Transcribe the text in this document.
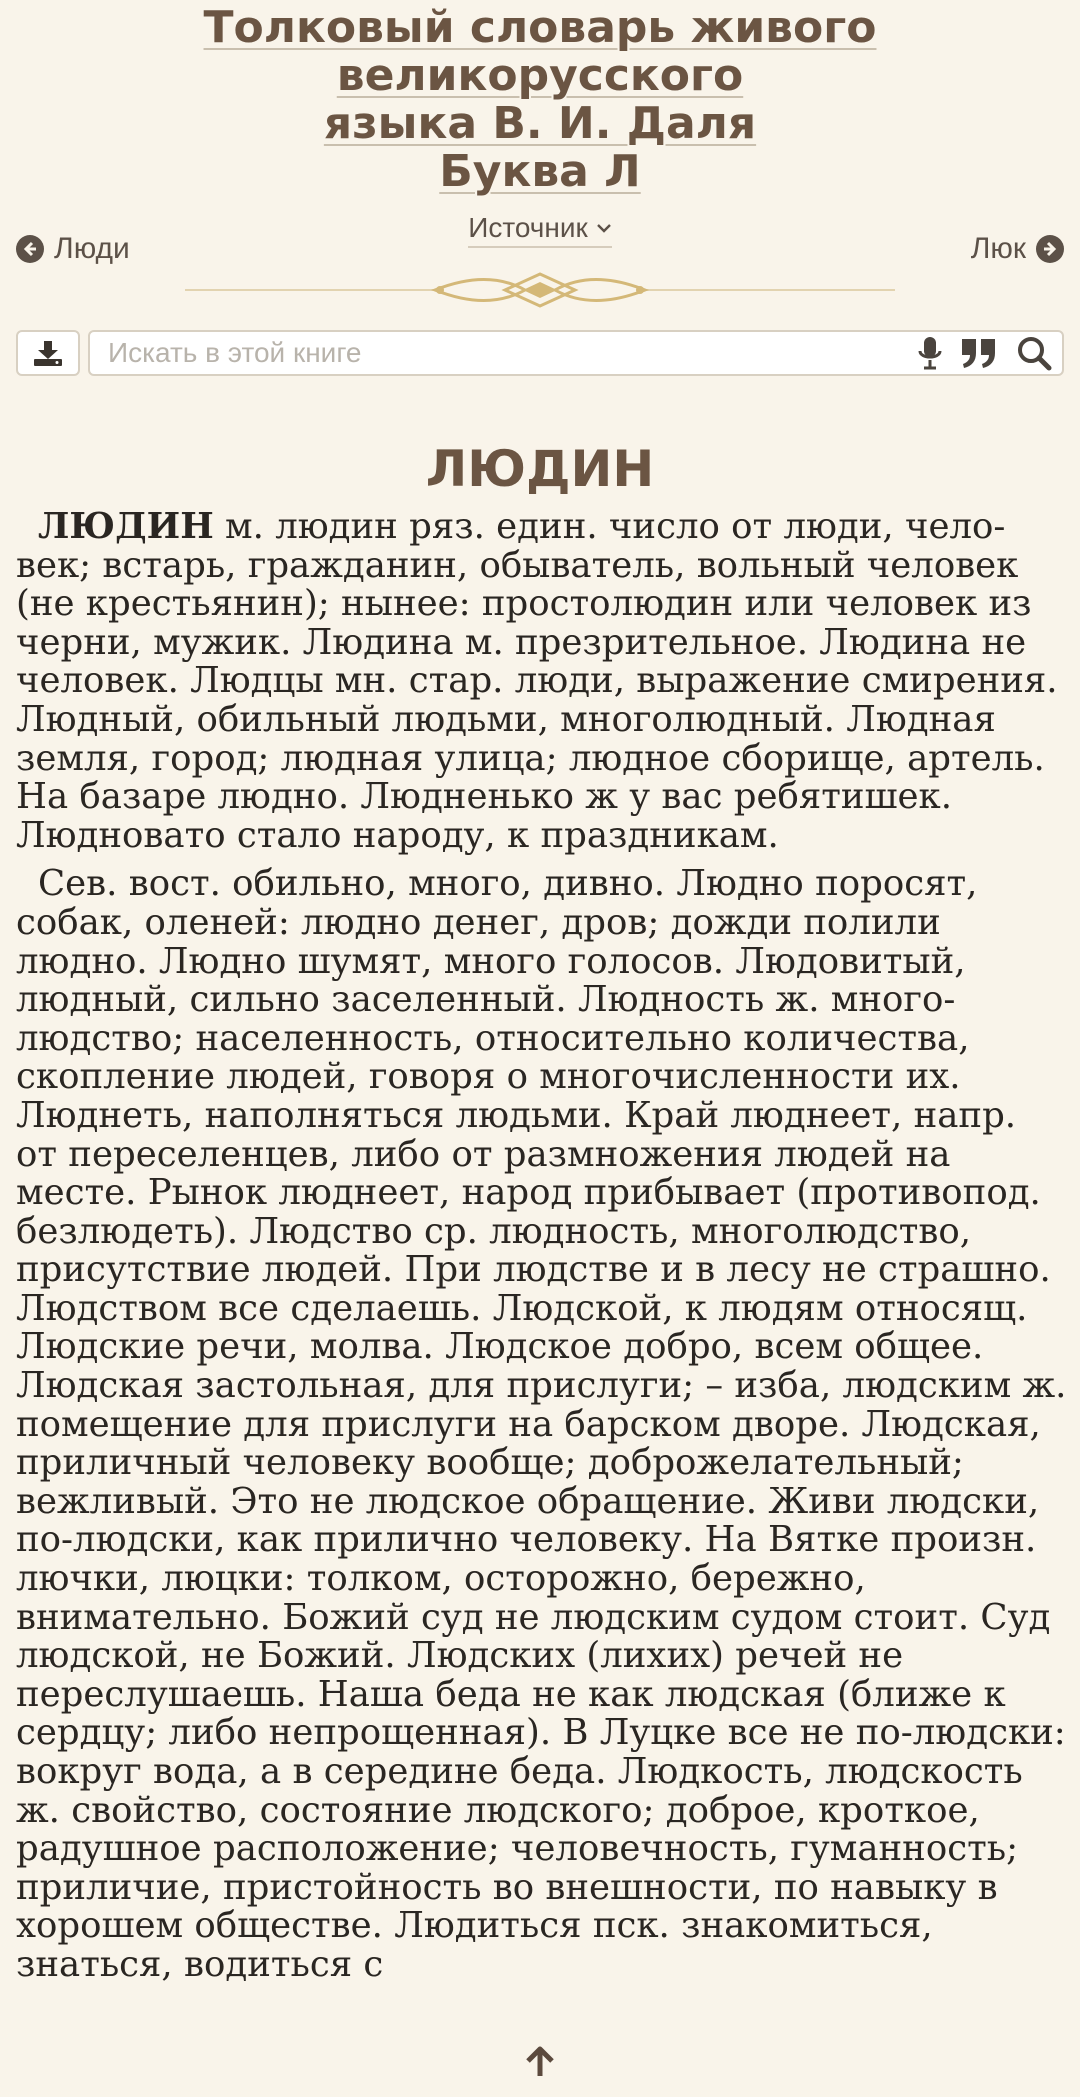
Толковый словарь живого великорусского
языка В. И. Даля
Буква Л
Источник
Люди	Люк
Искать в этой книге
ЛЮДИН

ЛЮДИН м. людин ряз. един. число от люди, человек; встарь, гражданин, обыватель, вольный человек (не крестьянин); нынее: простолюдин или человек из черни, мужик. Людина м. презрительное. Людина не человек. Людцы мн. стар. люди, выражение смирения. Людный, обильный людьми, многолюдный. Людная земля, город; людная улица; людное сборище, артель. На базаре людно. Людненько ж у вас ребятишек. Людновато стало народу, к праздникам.

Сев. вост. обильно, много, дивно. Людно поросят, собак, оленей: людно денег, дров; дожди полили людно. Людно шумят, много голосов. Людовитый, людный, сильно заселенный. Людность ж. многолюдство; населенность, относительно количества, скопление людей, говоря о многочисленности их. Люднеть, наполняться людьми. Край люднеет, напр. от переселенцев, либо от размножения людей на месте. Рынок люднеет, народ прибывает (противопод. безлюдеть). Людство ср. людность, многолюдство, присутствие людей. При людстве и в лесу не страшно. Людством все сделаешь. Людской, к людям относящ. Людские речи, молва. Людское добро, всем общее. Людская застольная, для прислуги; – изба, людским ж. помещение для прислуги на барском дворе. Людская, приличный человеку вообще; доброжелательный; вежливый. Это не людское обращение. Живи людски, по-людски, как прилично человеку. На Вятке произн. лючки, люцки: толком, осторожно, бережно, внимательно. Божий суд не людским судом стоит. Суд людской, не Божий. Людских (лихих) речей не переслушаешь. Наша беда не как людская (ближе к сердцу; либо непрощенная). В Луцке все не по-людски: вокруг вода, а в середине беда. Людкость, людскость ж. свойство, состояние людского; доброе, кроткое, радушное расположение; человечность, гуманность; приличие, пристойность во внешности, по навыку в хорошем обществе. Людиться пск. знакомиться, знаться, водиться с
